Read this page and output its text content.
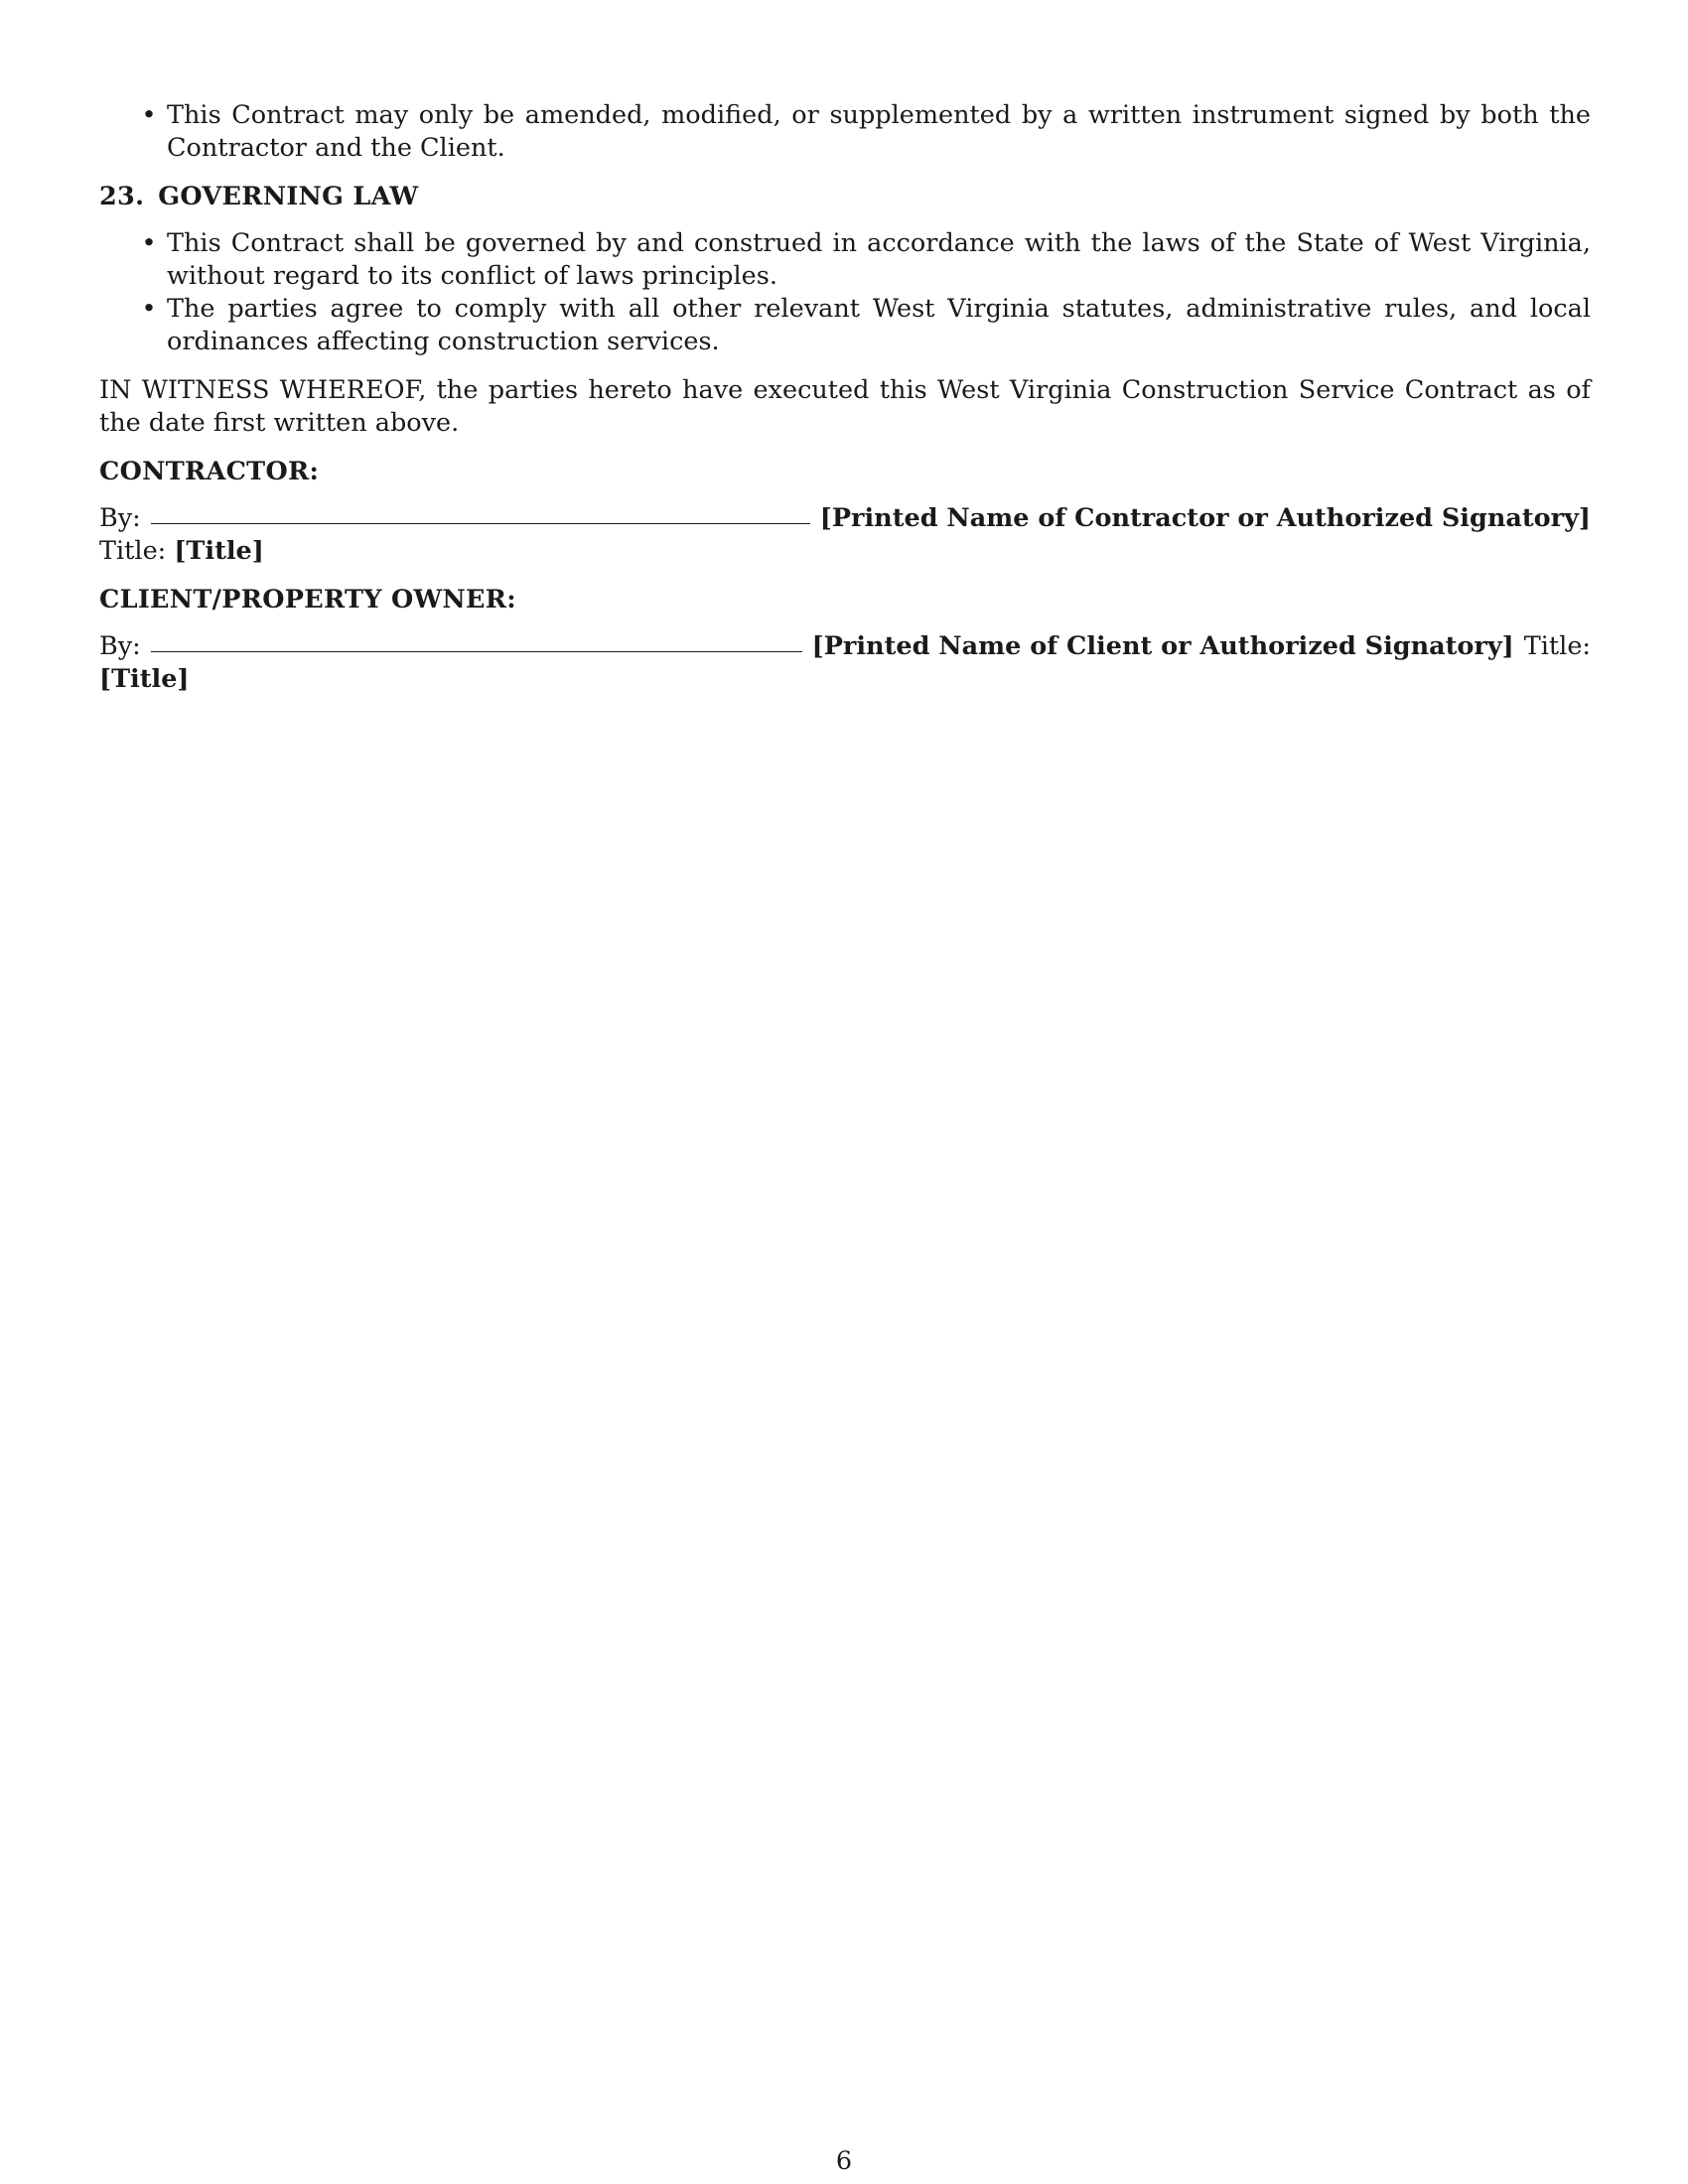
• This Contract may only be amended, modified, or supplemented by a written instrument signed by both the Contractor and the Client.

23. GOVERNING LAW

• This Contract shall be governed by and construed in accordance with the laws of the State of West Virginia, without regard to its conflict of laws principles.
• The parties agree to comply with all other relevant West Virginia statutes, administrative rules, and local ordinances affecting construction services.

IN WITNESS WHEREOF, the parties hereto have executed this West Virginia Construction Service Contract as of the date first written above.

CONTRACTOR:

By:	[Printed Name of Contractor or Authorized Signatory]
Title: [Title]

CLIENT/PROPERTY OWNER:

By:	[Printed Name of Client or Authorized Signatory] Title:
[Title]
6
